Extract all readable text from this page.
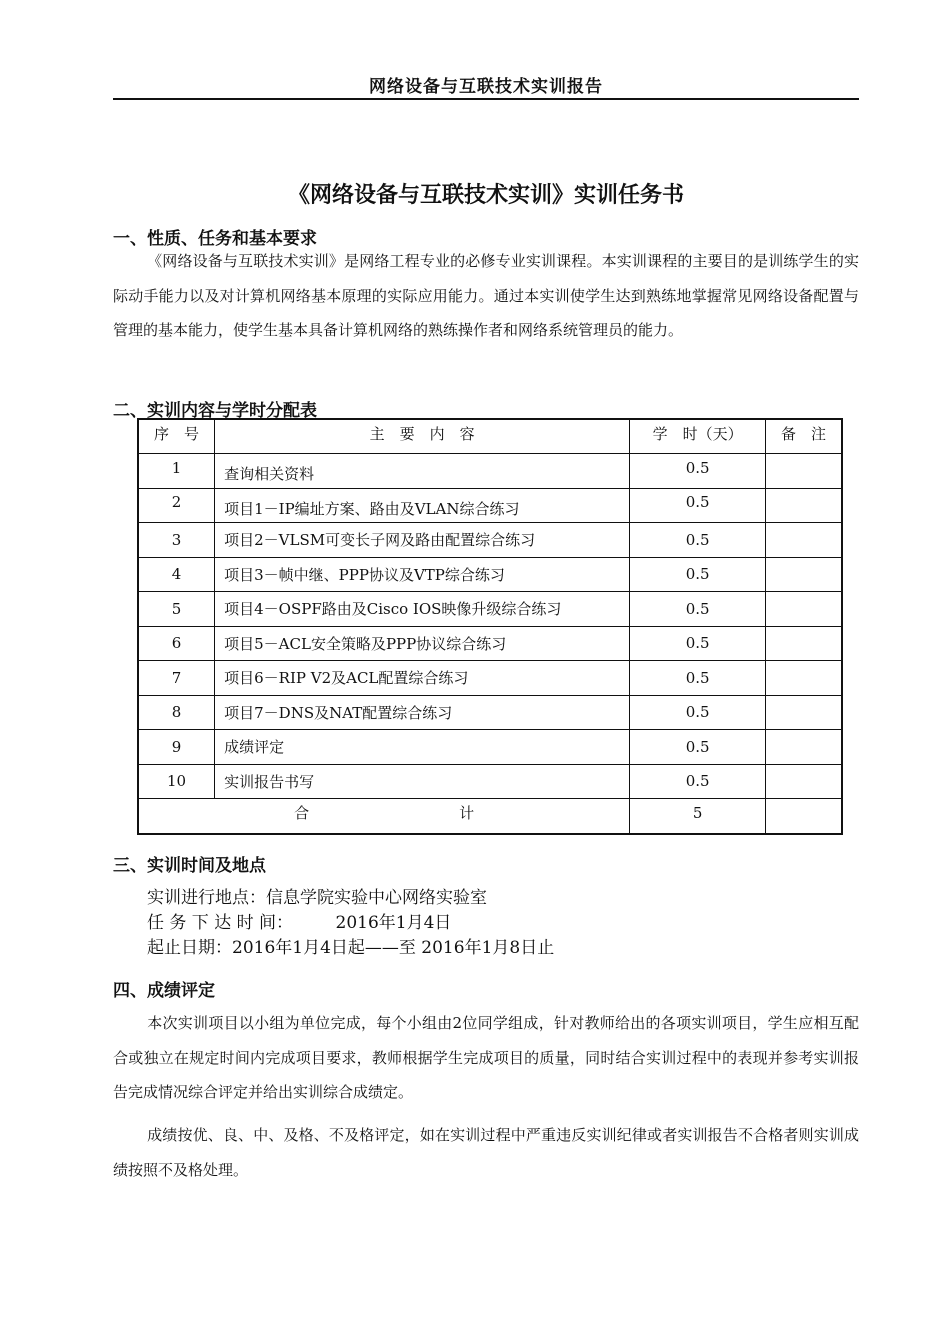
网络设备与互联技术实训报告
《网络设备与互联技术实训》实训任务书
一、性质、任务和基本要求
《网络设备与互联技术实训》是网络工程专业的必修专业实训课程。本实训课程的主要目的是训练学生的实际动手能力以及对计算机网络基本原理的实际应用能力。通过本实训使学生达到熟练地掌握常见网络设备配置与管理的基本能力，使学生基本具备计算机网络的熟练操作者和网络系统管理员的能力。
二、实训内容与学时分配表
序　号	主　要　内　容	学　时（天）	备　注
1	查询相关资料	0.5	
2	项目1－IP编址方案、路由及VLAN综合练习	0.5	
3	项目2－VLSM可变长子网及路由配置综合练习	0.5	
4	项目3－帧中继、PPP协议及VTP综合练习	0.5	
5	项目4－OSPF路由及Cisco IOS映像升级综合练习	0.5	
6	项目5－ACL安全策略及PPP协议综合练习	0.5	
7	项目6－RIP V2及ACL配置综合练习	0.5	
8	项目7－DNS及NAT配置综合练习	0.5	
9	成绩评定	0.5	
10	实训报告书写	0.5	
合　　　　　　　　　　计		5	
三、实训时间及地点
实训进行地点：信息学院实验中心网络实验室
任 务 下 达 时 间：　　　2016年1月4日
起止日期：2016年1月4日起——至 2016年1月8日止
四、成绩评定
本次实训项目以小组为单位完成，每个小组由2位同学组成，针对教师给出的各项实训项目，学生应相互配合或独立在规定时间内完成项目要求，教师根据学生完成项目的质量，同时结合实训过程中的表现并参考实训报告完成情况综合评定并给出实训综合成绩定。
成绩按优、良、中、及格、不及格评定，如在实训过程中严重违反实训纪律或者实训报告不合格者则实训成绩按照不及格处理。
